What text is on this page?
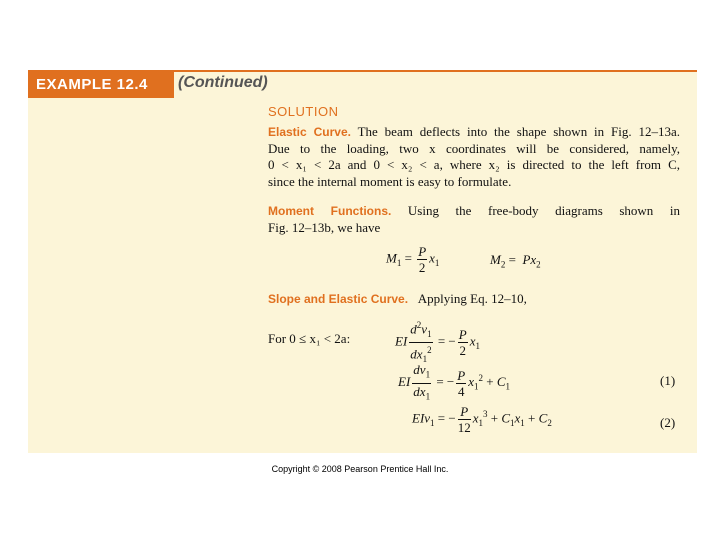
EXAMPLE 12.4	(Continued)
SOLUTION
Elastic Curve. The beam deflects into the shape shown in Fig. 12–13a.
Due to the loading, two x coordinates will be considered, namely,
0 < x₁ < 2a and 0 < x₂ < a, where x₂ is directed to the left from C,
since the internal moment is easy to formulate.
Moment Functions. Using the free-body diagrams shown in
Fig. 12–13b, we have
$M_1 = \frac{P}{2} x_1$	$M_2 = Px_2$
Slope and Elastic Curve. Applying Eq. 12–10,
For 0 ≤ x₁ < 2a:	EI $\frac{d^2v_1}{dx_1^2}$ = − $\frac{P}{2} x_1$
EI $\frac{dv_1}{dx_1}$ = − $\frac{P}{4} x_1^2 + C_1$	(1)
EIv$_1$ = − $\frac{P}{12} x_1^3 + C_1x_1 + C_2$	(2)
Copyright © 2008 Pearson Prentice Hall Inc.
